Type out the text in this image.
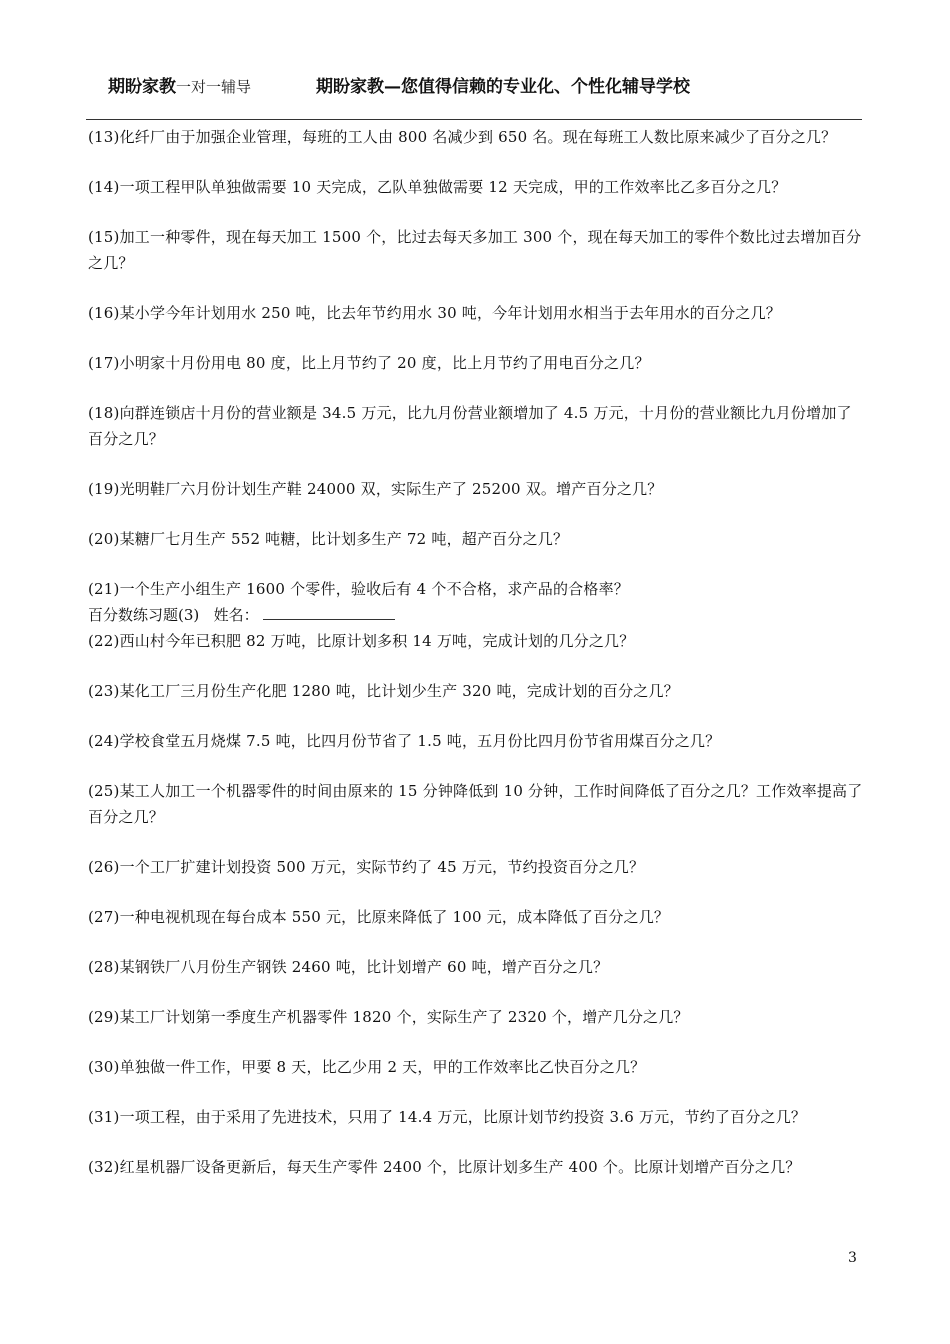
期盼家教一对一辅导	期盼家教—您值得信赖的专业化、个性化辅导学校

(13)化纤厂由于加强企业管理，每班的工人由 800 名减少到 650 名。现在每班工人数比原来减少了百分之几？

(14)一项工程甲队单独做需要 10 天完成，乙队单独做需要 12 天完成，甲的工作效率比乙多百分之几？

(15)加工一种零件，现在每天加工 1500 个，比过去每天多加工 300 个，现在每天加工的零件个数比过去增加百分之几？

(16)某小学今年计划用水 250 吨，比去年节约用水 30 吨，今年计划用水相当于去年用水的百分之几？

(17)小明家十月份用电 80 度，比上月节约了 20 度，比上月节约了用电百分之几？

(18)向群连锁店十月份的营业额是 34.5 万元，比九月份营业额增加了 4.5 万元，十月份的营业额比九月份增加了百分之几？

(19)光明鞋厂六月份计划生产鞋 24000 双，实际生产了 25200 双。增产百分之几？

(20)某糖厂七月生产 552 吨糖，比计划多生产 72 吨，超产百分之几？

(21)一个生产小组生产 1600 个零件，验收后有 4 个不合格，求产品的合格率？

百分数练习题(3) 姓名：

(22)西山村今年已积肥 82 万吨，比原计划多积 14 万吨，完成计划的几分之几？

(23)某化工厂三月份生产化肥 1280 吨，比计划少生产 320 吨，完成计划的百分之几？

(24)学校食堂五月烧煤 7.5 吨，比四月份节省了 1.5 吨，五月份比四月份节省用煤百分之几？

(25)某工人加工一个机器零件的时间由原来的 15 分钟降低到 10 分钟，工作时间降低了百分之几？工作效率提高了百分之几？

(26)一个工厂扩建计划投资 500 万元，实际节约了 45 万元，节约投资百分之几？

(27)一种电视机现在每台成本 550 元，比原来降低了 100 元，成本降低了百分之几？

(28)某钢铁厂八月份生产钢铁 2460 吨，比计划增产 60 吨，增产百分之几？

(29)某工厂计划第一季度生产机器零件 1820 个，实际生产了 2320 个，增产几分之几？

(30)单独做一件工作，甲要 8 天，比乙少用 2 天，甲的工作效率比乙快百分之几？

(31)一项工程，由于采用了先进技术，只用了 14.4 万元，比原计划节约投资 3.6 万元，节约了百分之几？

(32)红星机器厂设备更新后，每天生产零件 2400 个，比原计划多生产 400 个。比原计划增产百分之几？

3
